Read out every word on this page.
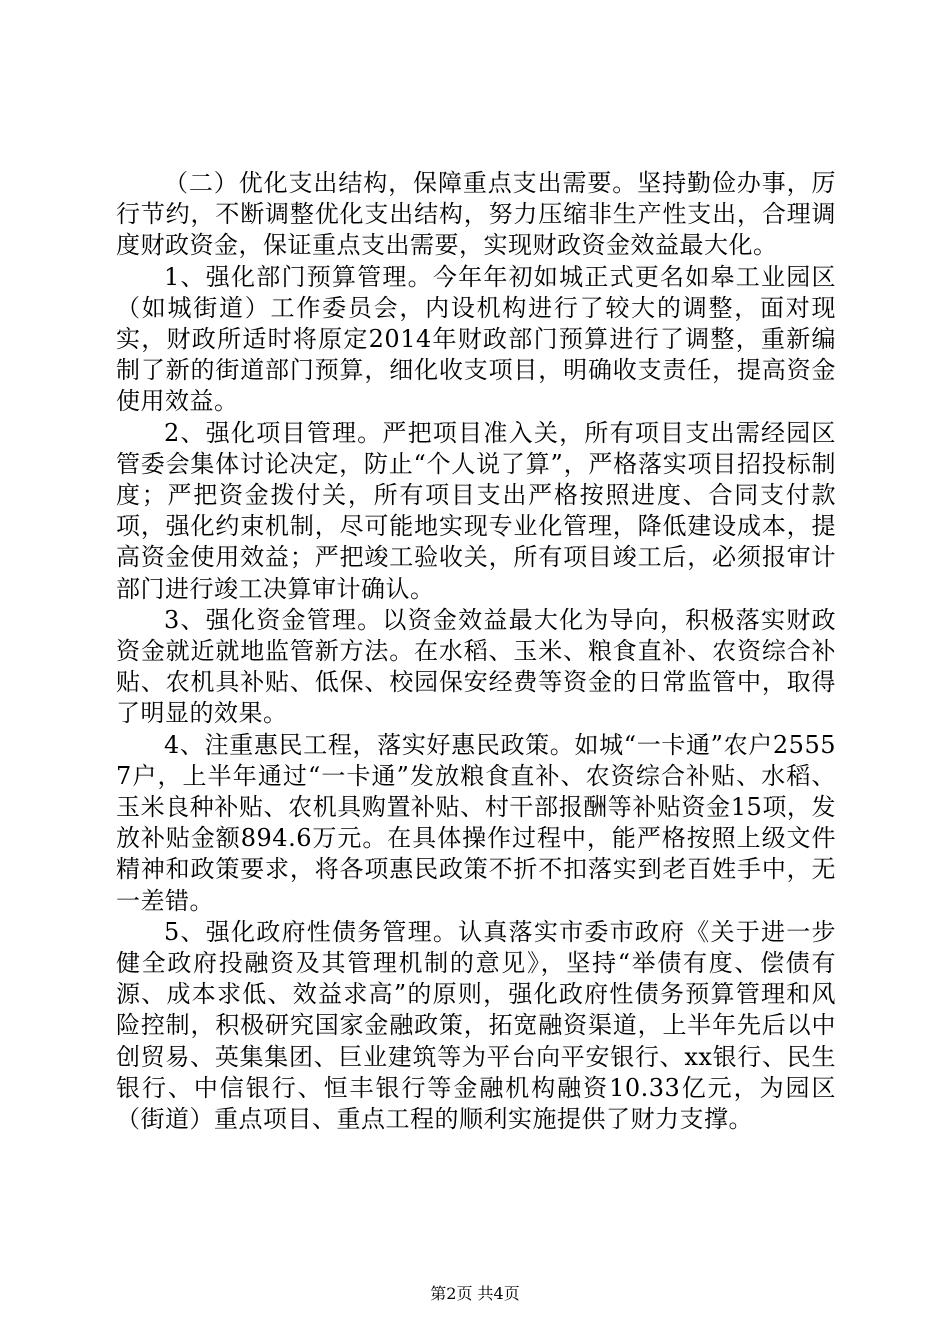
（二）优化支出结构，保障重点支出需要。坚持勤俭办事，厉行节约，不断调整优化支出结构，努力压缩非生产性支出，合理调度财政资金，保证重点支出需要，实现财政资金效益最大化。

1、强化部门预算管理。今年年初如城正式更名如皋工业园区（如城街道）工作委员会，内设机构进行了较大的调整，面对现实，财政所适时将原定2014年财政部门预算进行了调整，重新编制了新的街道部门预算，细化收支项目，明确收支责任，提高资金使用效益。

2、强化项目管理。严把项目准入关，所有项目支出需经园区管委会集体讨论决定，防止“个人说了算”，严格落实项目招投标制度；严把资金拨付关，所有项目支出严格按照进度、合同支付款项，强化约束机制，尽可能地实现专业化管理，降低建设成本，提高资金使用效益；严把竣工验收关，所有项目竣工后，必须报审计部门进行竣工决算审计确认。

3、强化资金管理。以资金效益最大化为导向，积极落实财政资金就近就地监管新方法。在水稻、玉米、粮食直补、农资综合补贴、农机具补贴、低保、校园保安经费等资金的日常监管中，取得了明显的效果。

4、注重惠民工程，落实好惠民政策。如城“一卡通”农户25557户，上半年通过“一卡通”发放粮食直补、农资综合补贴、水稻、玉米良种补贴、农机具购置补贴、村干部报酬等补贴资金15项，发放补贴金额894.6万元。在具体操作过程中，能严格按照上级文件精神和政策要求，将各项惠民政策不折不扣落实到老百姓手中，无一差错。

5、强化政府性债务管理。认真落实市委市政府《关于进一步健全政府投融资及其管理机制的意见》，坚持“举债有度、偿债有源、成本求低、效益求高”的原则，强化政府性债务预算管理和风险控制，积极研究国家金融政策，拓宽融资渠道，上半年先后以中创贸易、英集集团、巨业建筑等为平台向平安银行、xx银行、民生银行、中信银行、恒丰银行等金融机构融资10.33亿元，为园区（街道）重点项目、重点工程的顺利实施提供了财力支撑。

第2页 共4页
